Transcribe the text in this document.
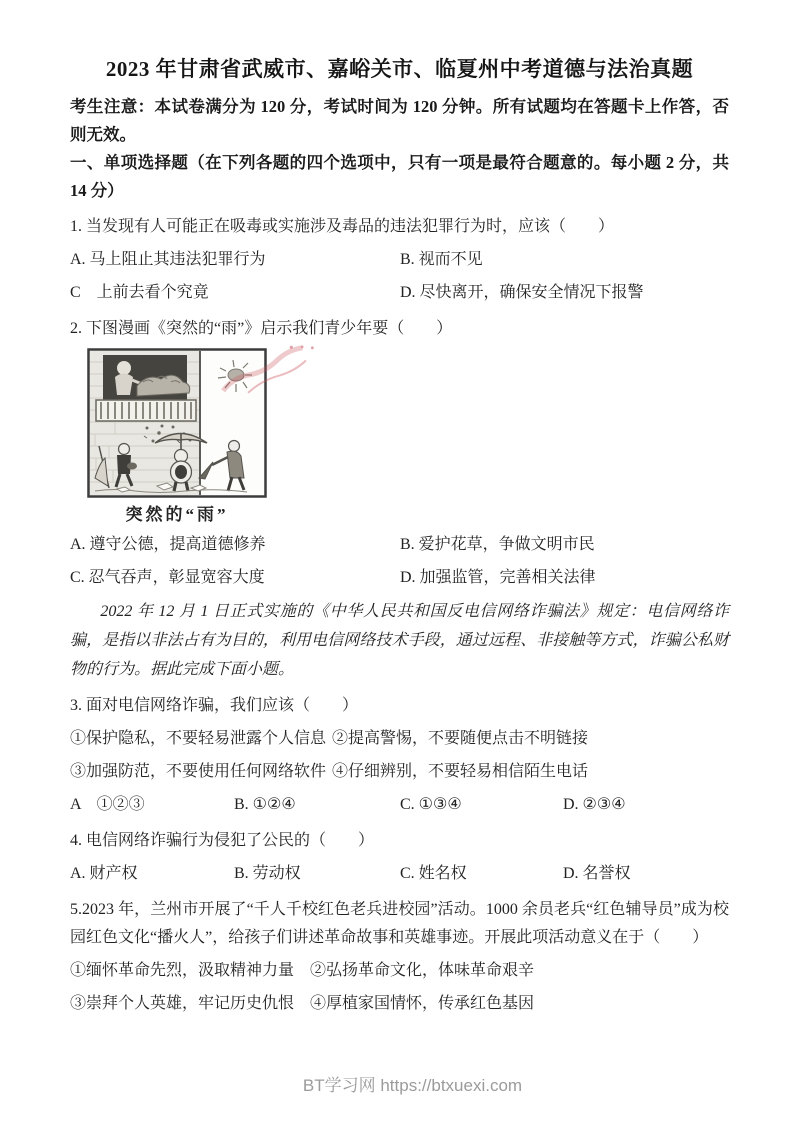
2023 年甘肃省武威市、嘉峪关市、临夏州中考道德与法治真题

考生注意：本试卷满分为 120 分，考试时间为 120 分钟。所有试题均在答题卡上作答，否则无效。

一、单项选择题（在下列各题的四个选项中，只有一项是最符合题意的。每小题 2 分，共 14 分）

1. 当发现有人可能正在吸毒或实施涉及毒品的违法犯罪行为时，应该（　　）

A. 马上阻止其违法犯罪行为	B. 视而不见
C　上前去看个究竟	D. 尽快离开，确保安全情况下报警

2. 下图漫画《突然的“雨”》启示我们青少年要（　　）

突然的“雨”
A. 遵守公德，提高道德修养	B. 爱护花草，争做文明市民
C. 忍气吞声，彰显宽容大度	D. 加强监管，完善相关法律

2022 年 12 月 1 日正式实施的《中华人民共和国反电信网络诈骗法》规定：电信网络诈骗，是指以非法占有为目的，利用电信网络技术手段，通过远程、非接触等方式，诈骗公私财物的行为。据此完成下面小题。

3. 面对电信网络诈骗，我们应该（　　）

①保护隐私，不要轻易泄露个人信息 ②提高警惕，不要随便点击不明链接
③加强防范，不要使用任何网络软件 ④仔细辨别，不要轻易相信陌生电话
A　①②③	B. ①②④	C. ①③④	D. ②③④

4. 电信网络诈骗行为侵犯了公民的（　　）

A. 财产权	B. 劳动权	C. 姓名权	D. 名誉权

5.2023 年，兰州市开展了“千人千校红色老兵进校园”活动。1000 余员老兵“红色辅导员”成为校园红色文化“播火人”，给孩子们讲述革命故事和英雄事迹。开展此项活动意义在于（　　）

①缅怀革命先烈，汲取精神力量 ②弘扬革命文化，体味革命艰辛
③崇拜个人英雄，牢记历史仇恨 ④厚植家国情怀，传承红色基因
BT学习网 https://btxuexi.com
